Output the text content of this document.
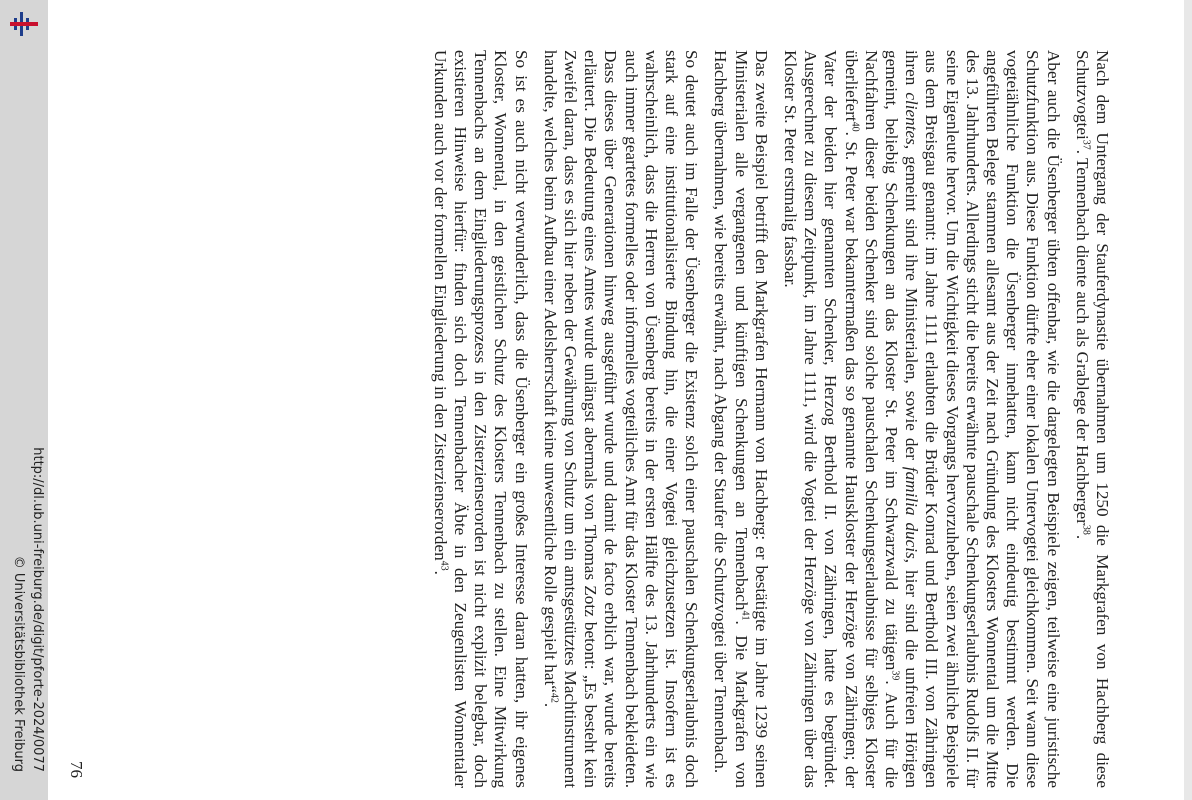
http://dl.ub.uni-freiburg.de/digit/pforte-2024/0077
© Universitätsbibliothek Freiburg	Nach dem Untergang der Stauferdynastie übernahmen um 1250 die Markgrafen von Hachberg diese Schutzvogtei$^{37}$. Tennenbach diente auch als Grablege der Hachberger$^{38}$.

Aber auch die Üsenberger übten offenbar, wie die dargelegten Beispiele zeigen, teilweise eine juristische Schutzfunktion aus. Diese Funktion dürfte eher einer lokalen Untervogtei gleichkommen. Seit wann diese vogteiähnliche Funktion die Üsenberger innehatten, kann nicht eindeutig bestimmt werden. Die angeführten Belege stammen allesamt aus der Zeit nach Gründung des Klosters Wonnental um die Mitte des 13. Jahrhunderts. Allerdings sticht die bereits erwähnte pauschale Schenkungserlaubnis Rudolfs II. für seine Eigenleute hervor. Um die Wichtigkeit dieses Vorgangs hervorzuheben, seien zwei ähnliche Beispiele aus dem Breisgau genannt: im Jahre 1111 erlaubten die Brüder Konrad und Berthold III. von Zähringen ihren clientes, gemeint sind ihre Ministerialen, sowie der familia ducis, hier sind die unfreien Hörigen gemeint, beliebig Schenkungen an das Kloster St. Peter im Schwarzwald zu tätigen$^{39}$. Auch für die Nachfahren dieser beiden Schenker sind solche pauschalen Schenkungserlaubnisse für selbiges Kloster überliefert$^{40}$. St. Peter war bekanntermaßen das so genannte Hauskloster der Herzöge von Zähringen; der Vater der beiden hier genannten Schenker, Herzog Berthold II. von Zähringen, hatte es begründet. Ausgerechnet zu diesem Zeitpunkt, im Jahre 1111, wird die Vogtei der Herzöge von Zähringen über das Kloster St. Peter erstmalig fassbar.

Das zweite Beispiel betrifft den Markgrafen Hermann von Hachberg: er bestätigte im Jahre 1239 seinen Ministerialen alle vergangenen und künftigen Schenkungen an Tennenbach$^{41}$. Die Markgrafen von Hachberg übernahmen, wie bereits erwähnt, nach Abgang der Staufer die Schutzvogtei über Tennenbach.

So deutet auch im Falle der Üsenberger die Existenz solch einer pauschalen Schenkungserlaubnis doch stark auf eine institutionalisierte Bindung hin, die einer Vogtei gleichzusetzen ist. Insofern ist es wahrscheinlich, dass die Herren von Üsenberg bereits in der ersten Hälfte des 13. Jahrhunderts ein wie auch immer geartetes formelles oder informelles vogteiliches Amt für das Kloster Tennenbach bekleideten. Dass dieses über Generationen hinweg ausgeführt wurde und damit de facto erblich war, wurde bereits erläutert. Die Bedeutung eines Amtes wurde unlängst abermals von Thomas Zotz betont: „Es besteht kein Zweifel daran, dass es sich hier neben der Gewährung von Schutz um ein amtsgestütztes Machtinstrument handelte, welches beim Aufbau einer Adelsherrschaft keine unwesentliche Rolle gespielt hat“$^{42}$.

So ist es auch nicht verwunderlich, dass die Üsenberger ein großes Interesse daran hatten, ihr eigenes Kloster, Wonnental, in den geistlichen Schutz des Klosters Tennenbach zu stellen. Eine Mitwirkung Tennenbachs an dem Eingliederungsprozess in den Zisterzienserorden ist nicht explizit belegbar, doch existieren Hinweise hierfür: finden sich doch Tennenbacher Äbte in den Zeugenlisten Wonnentaler Urkunden auch vor der formellen Eingliederung in den Zisterzienserorden$^{43}$.

76
